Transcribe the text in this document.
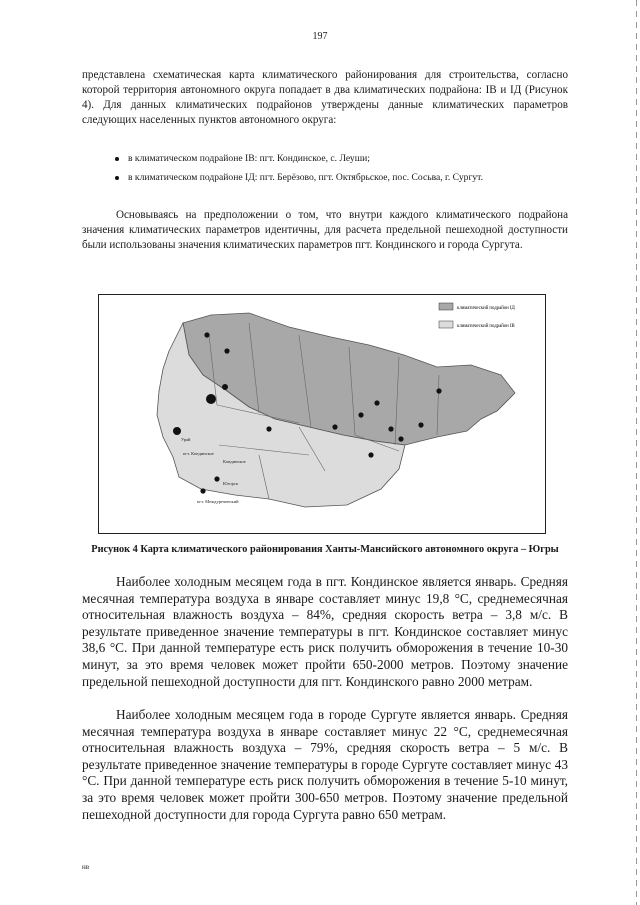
197
представлена схематическая карта климатического районирования для строительства, согласно которой территория автономного округа попадает в два климатических подрайона: IВ и IД (Рисунок 4). Для данных климатических подрайонов утверждены данные климатических параметров следующих населенных пунктов автономного округа:
в климатическом подрайоне IВ: пгт. Кондинское, с. Леуши;
в климатическом подрайоне IД: пгт. Берёзово, пгт. Октябрьское, пос. Сосьва, г. Сургут.
Основываясь на предположении о том, что внутри каждого климатического подрайона значения климатических параметров идентичны, для расчета предельной пешеходной доступности были использованы значения климатических параметров пгт. Кондинского и города Сургута.
климатический подрайон IД
климатический подрайон IВ
Урай
Кондинское
пгт. Кондинское
пгт. Междуреченский
Югорск
Рисунок 4 Карта климатического районирования Ханты-Мансийского автономного округа – Югры
Наиболее холодным месяцем года в пгт. Кондинское является январь. Средняя месячная температура воздуха в январе составляет минус 19,8 °С, среднемесячная относительная влажность воздуха – 84%, средняя скорость ветра – 3,8 м/с. В результате приведенное значение температуры в пгт. Кондинское составляет минус 38,6 °С. При данной температуре есть риск получить обморожения в течение 10-30 минут, за это время человек может пройти 650-2000 метров. Поэтому значение предельной пешеходной доступности для пгт. Кондинского равно 2000 метрам.
Наиболее холодным месяцем года в городе Сургуте является январь. Средняя месячная температура воздуха в январе составляет минус 22 °С, среднемесячная относительная влажность воздуха – 79%, средняя скорость ветра – 5 м/с. В результате приведенное значение температуры в городе Сургуте составляет минус 43 °С. При данной температуре есть риск получить обморожения в течение 5-10 минут, за это время человек может пройти 300-650 метров. Поэтому значение предельной пешеходной доступности для города Сургута равно 650 метрам.
нв
